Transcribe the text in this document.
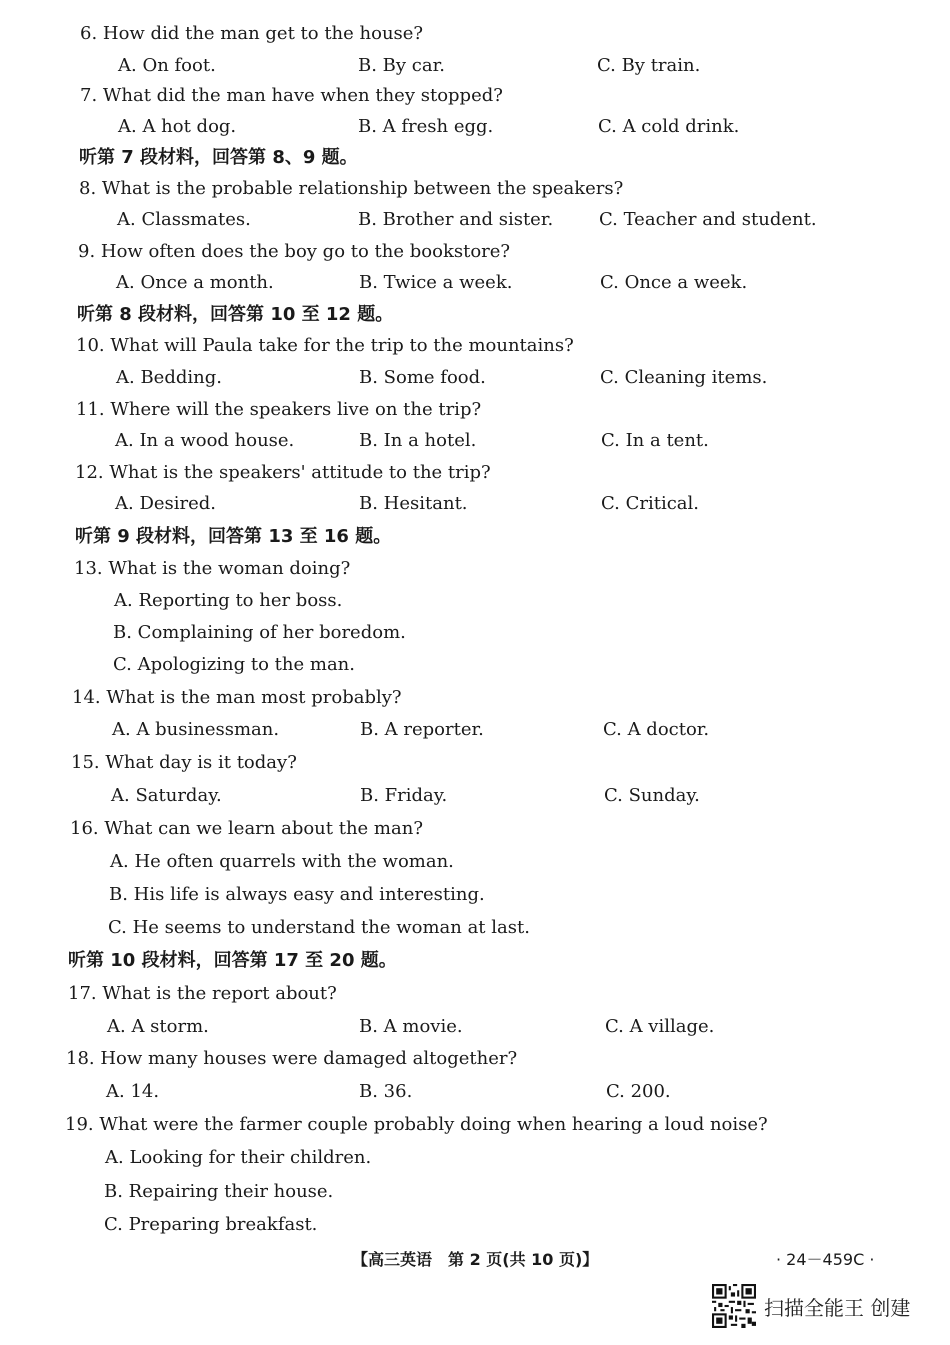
6. How did the man get to the house?
A. On foot.	B. By car.	C. By train.
7. What did the man have when they stopped?
A. A hot dog.	B. A fresh egg.	C. A cold drink.
听第 7 段材料，回答第 8、9 题。
8. What is the probable relationship between the speakers?
A. Classmates.	B. Brother and sister.	C. Teacher and student.
9. How often does the boy go to the bookstore?
A. Once a month.	B. Twice a week.	C. Once a week.
听第 8 段材料，回答第 10 至 12 题。
10. What will Paula take for the trip to the mountains?
A. Bedding.	B. Some food.	C. Cleaning items.
11. Where will the speakers live on the trip?
A. In a wood house.	B. In a hotel.	C. In a tent.
12. What is the speakers' attitude to the trip?
A. Desired.	B. Hesitant.	C. Critical.
听第 9 段材料，回答第 13 至 16 题。
13. What is the woman doing?
A. Reporting to her boss.
B. Complaining of her boredom.
C. Apologizing to the man.
14. What is the man most probably?
A. A businessman.	B. A reporter.	C. A doctor.
15. What day is it today?
A. Saturday.	B. Friday.	C. Sunday.
16. What can we learn about the man?
A. He often quarrels with the woman.
B. His life is always easy and interesting.
C. He seems to understand the woman at last.
听第 10 段材料，回答第 17 至 20 题。
17. What is the report about?
A. A storm.	B. A movie.	C. A village.
18. How many houses were damaged altogether?
A. 14.	B. 36.	C. 200.
19. What were the farmer couple probably doing when hearing a loud noise?
A. Looking for their children.
B. Repairing their house.
C. Preparing breakfast.
【高三英语　第 2 页(共 10 页)】	· 24－459C ·
扫描全能王 创建
